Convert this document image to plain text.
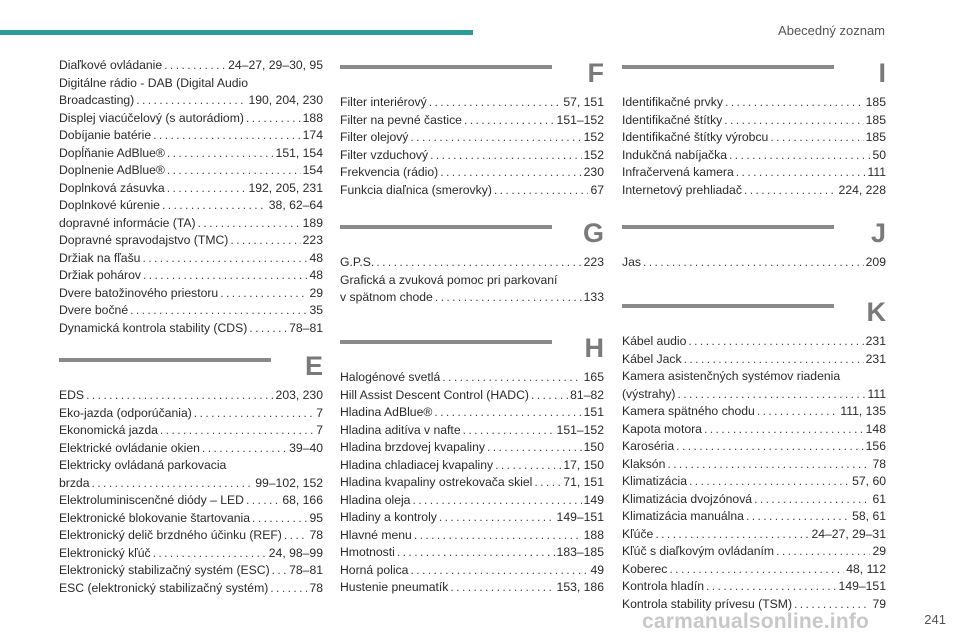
Abecedný zoznam
Diaľkové ovládanie . . .	24–27, 29–30, 95
Digitálne rádio - DAB (Digital Audio
Broadcasting) . . .	190, 204, 230
Displej viacúčelový (s autorádiom) . . .	188
Dobíjanie batérie . . .	174
Dopĺňanie AdBlue® . . .	151, 154
Doplnenie AdBlue® . . .	154
Doplnková zásuvka . . .	192, 205, 231
Doplnkové kúrenie . . .	38, 62–64
dopravné informácie (TA) . . .	189
Dopravné spravodajstvo (TMC) . . .	223
Držiak na fľašu . . .	48
Držiak pohárov . . .	48
Dvere batožinového priestoru . . .	29
Dvere bočné . . .	35
Dynamická kontrola stability (CDS) . . .	78–81
E
EDS . . .	203, 230
Eko-jazda (odporúčania) . . .	7
Ekonomická jazda . . .	7
Elektrické ovládanie okien . . .	39–40
Elektricky ovládaná parkovacia
brzda . . .	99–102, 152
Elektroluminiscenčné diódy – LED . . .	68, 166
Elektronické blokovanie štartovania . . .	95
Elektronický delič brzdného účinku (REF) . . . 78
Elektronický kľúč . . .	24, 98–99
Elektronický stabilizačný systém (ESC) . . . 78–81
ESC (elektronický stabilizačný systém) . . .	78
F
Filter interiérový . . .	57, 151
Filter na pevné častice . . .	151–152
Filter olejový . . .	152
Filter vzduchový . . .	152
Frekvencia (rádio) . . .	230
Funkcia diaľnica (smerovky) . . .	67
G
G.P.S. . . .	223
Grafická a zvuková pomoc pri parkovaní
v spätnom chode . . .	133
H
Halogénové svetlá . . .	165
Hill Assist Descent Control (HADC) . . .	81–82
Hladina AdBlue® . . .	151
Hladina aditíva v nafte . . .	151–152
Hladina brzdovej kvapaliny . . .	150
Hladina chladiacej kvapaliny . . .	17, 150
Hladina kvapaliny ostrekovača skiel . . .	71, 151
Hladina oleja . . .	149
Hladiny a kontroly . . .	149–151
Hlavné menu . . .	188
Hmotnosti . . .	183–185
Horná polica . . .	49
Hustenie pneumatík . . .	153, 186
I
Identifikačné prvky . . .	185
Identifikačné štítky . . .	185
Identifikačné štítky výrobcu . . .	185
Indukčná nabíjačka . . .	50
Infračervená kamera . . .	111
Internetový prehliadač . . .	224, 228
J
Jas . . .	209
K
Kábel audio . . .	231
Kábel Jack . . .	231
Kamera asistenčných systémov riadenia
(výstrahy) . . .	111
Kamera spätného chodu . . .	111, 135
Kapota motora . . .	148
Karoséria . . .	156
Klaksón . . .	78
Klimatizácia . . .	57, 60
Klimatizácia dvojzónová . . .	61
Klimatizácia manuálna . . .	58, 61
Kľúče . . .	24–27, 29–31
Kľúč s diaľkovým ovládaním . . .	29
Koberec . . .	48, 112
Kontrola hladín . . .	149–151
Kontrola stability prívesu (TSM) . . .	79
carmanualsonline.info	241
